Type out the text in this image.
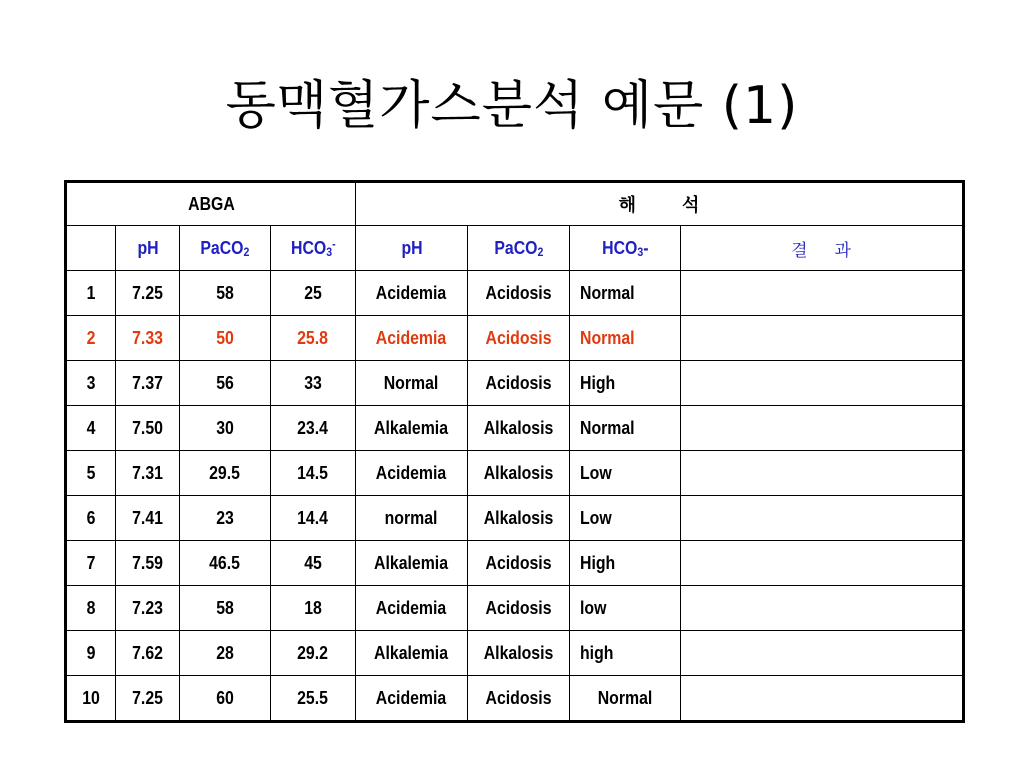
동맥혈가스분석 예문 (1)
ABGA				해 석			
	pH	PaCO2	HCO3-	pH	PaCO2	HCO3-	결 과
1	7.25	58	25	Acidemia	Acidosis	Normal	
2	7.33	50	25.8	Acidemia	Acidosis	Normal	
3	7.37	56	33	Normal	Acidosis	High	
4	7.50	30	23.4	Alkalemia	Alkalosis	Normal	
5	7.31	29.5	14.5	Acidemia	Alkalosis	Low	
6	7.41	23	14.4	normal	Alkalosis	Low	
7	7.59	46.5	45	Alkalemia	Acidosis	High	
8	7.23	58	18	Acidemia	Acidosis	low	
9	7.62	28	29.2	Alkalemia	Alkalosis	high	
10	7.25	60	25.5	Acidemia	Acidosis	Normal	
